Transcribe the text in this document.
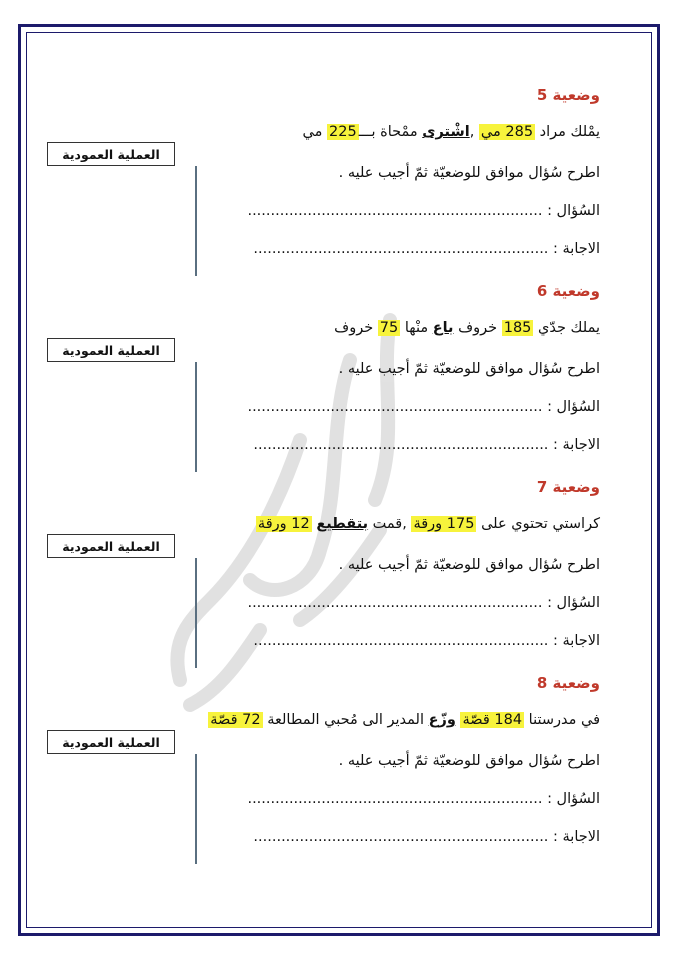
وضعية 5
يمْلك مراد 285 مي ,اشْترى ممْحاة بـــ225 مي
اطرح سُؤال موافق للوضعيّة ثمّ أجيب عليه .
السُؤال : ................................................................
الاجابة : ................................................................
العملية العمودية
وضعية 6
يملك جدّي 185 خروف باع منْها 75 خروف
اطرح سُؤال موافق للوضعيّة ثمّ أجيب عليه .
السُؤال : ................................................................
الاجابة : ................................................................
العملية العمودية
وضعية 7
كراستي تحتوي على 175 ورقة ,قمت بتقطيع 12 ورقة
اطرح سُؤال موافق للوضعيّة ثمّ أجيب عليه .
السُؤال : ................................................................
الاجابة : ................................................................
العملية العمودية
وضعية 8
في مدرستنا 184 قصّة وزّع المدير الى مُحبي المطالعة 72 قصّة
اطرح سُؤال موافق للوضعيّة ثمّ أجيب عليه .
السُؤال : ................................................................
الاجابة : ................................................................
العملية العمودية
